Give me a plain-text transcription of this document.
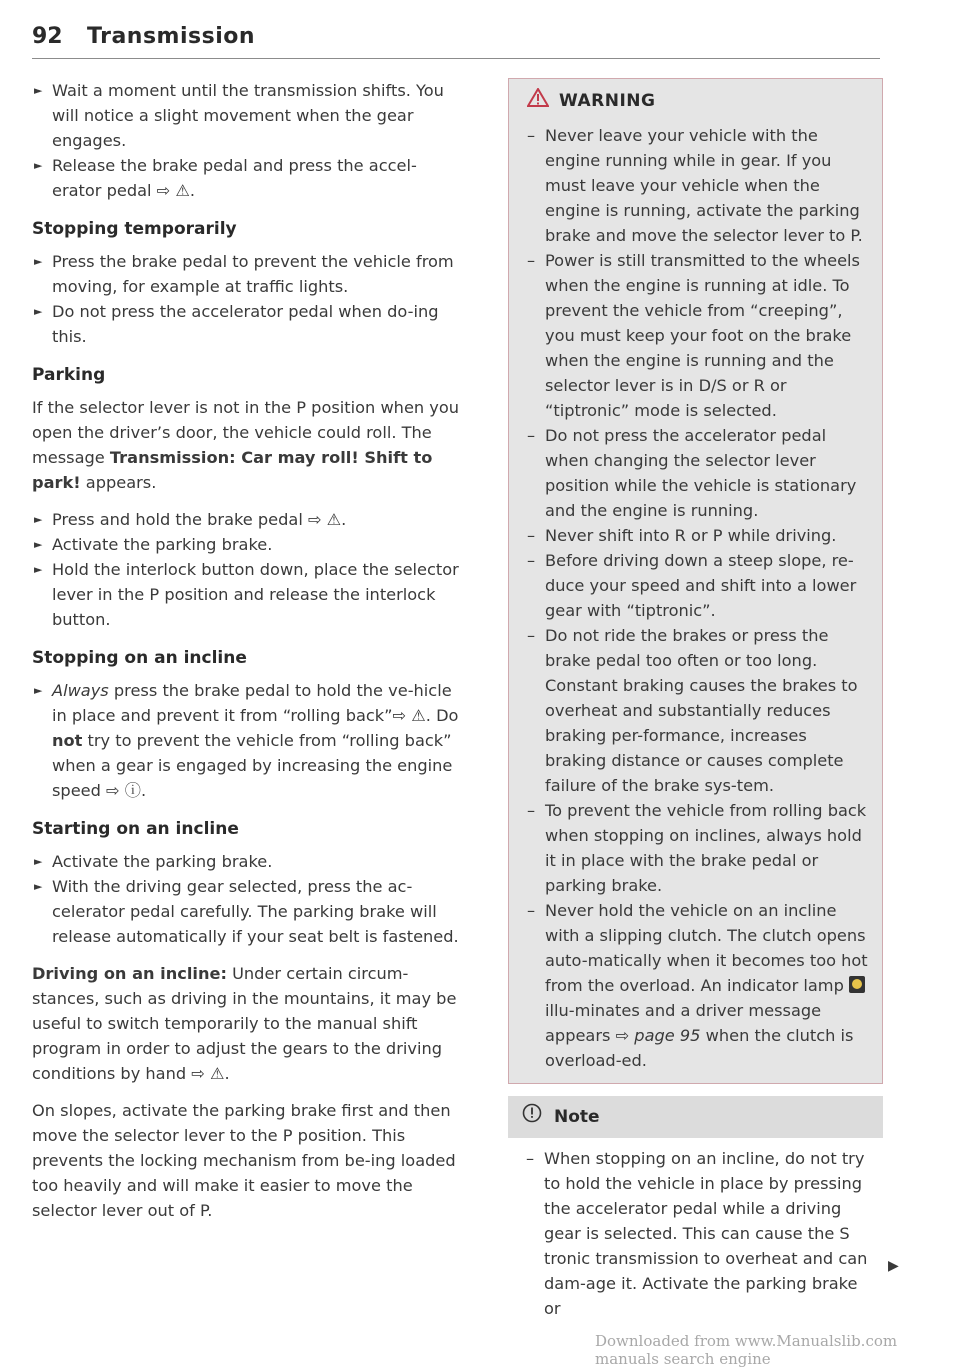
92 Transmission

► Wait a moment until the transmission shifts. You will notice a slight movement when the gear engages.

► Release the brake pedal and press the accel-erator pedal ⇨ ⚠.

Stopping temporarily

► Press the brake pedal to prevent the vehicle from moving, for example at traffic lights.

► Do not press the accelerator pedal when do-ing this.

Parking

If the selector lever is not in the P position when you open the driver’s door, the vehicle could roll. The message Transmission: Car may roll! Shift to park! appears.

► Press and hold the brake pedal ⇨ ⚠.

► Activate the parking brake.

► Hold the interlock button down, place the selector lever in the P position and release the interlock button.

Stopping on an incline

► Always press the brake pedal to hold the ve-hicle in place and prevent it from “rolling back”⇨ ⚠. Do not try to prevent the vehicle from “rolling back” when a gear is engaged by increasing the engine speed ⇨ ⓘ.

Starting on an incline

► Activate the parking brake.

► With the driving gear selected, press the ac-celerator pedal carefully. The parking brake will release automatically if your seat belt is fastened.

Driving on an incline: Under certain circum-stances, such as driving in the mountains, it may be useful to switch temporarily to the manual shift program in order to adjust the gears to the driving conditions by hand ⇨ ⚠.

On slopes, activate the parking brake first and then move the selector lever to the P position. This prevents the locking mechanism from be-ing loaded too heavily and will make it easier to move the selector lever out of P.

WARNING

– Never leave your vehicle with the engine running while in gear. If you must leave your vehicle when the engine is running, activate the parking brake and move the selector lever to P.

– Power is still transmitted to the wheels when the engine is running at idle. To prevent the vehicle from “creeping”, you must keep your foot on the brake when the engine is running and the selector lever is in D/S or R or “tiptronic” mode is selected.

– Do not press the accelerator pedal when changing the selector lever position while the vehicle is stationary and the engine is running.

– Never shift into R or P while driving.

– Before driving down a steep slope, re-duce your speed and shift into a lower gear with “tiptronic”.

– Do not ride the brakes or press the brake pedal too often or too long. Constant braking causes the brakes to overheat and substantially reduces braking per-formance, increases braking distance or causes complete failure of the brake sys-tem.

– To prevent the vehicle from rolling back when stopping on inclines, always hold it in place with the brake pedal or parking brake.

– Never hold the vehicle on an incline with a slipping clutch. The clutch opens auto-matically when it becomes too hot from the overload. An indicator lamp  illu-minates and a driver message appears ⇨ page 95 when the clutch is overload-ed.

Note

– When stopping on an incline, do not try to hold the vehicle in place by pressing the accelerator pedal while a driving gear is selected. This can cause the S tronic transmission to overheat and can dam-age it. Activate the parking brake or

▶
Downloaded from www.Manualslib.com manuals search engine
